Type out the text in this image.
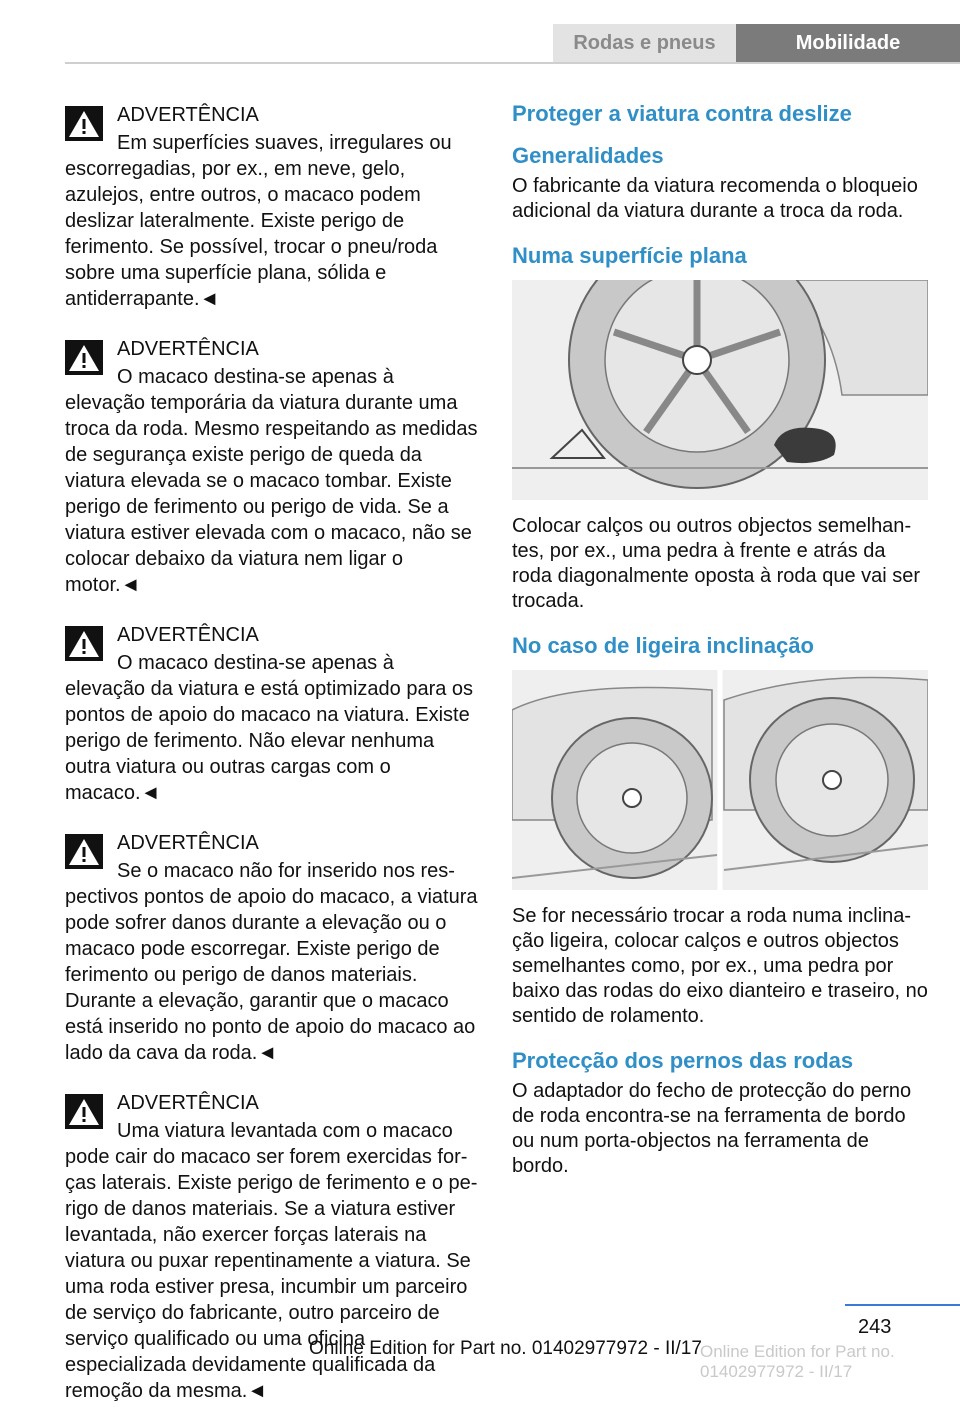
Rodas e pneus	Mobilidade
ADVERTÊNCIA

Em superfícies suaves, irregulares ou escorregadias, por ex., em neve, gelo, azulejos, entre outros, o macaco podem deslizar lateralmente. Existe perigo de ferimento. Se possível, trocar o pneu/roda sobre uma superfície plana, sólida e antiderrapante.◄

ADVERTÊNCIA

O macaco destina-se apenas à elevação temporária da viatura durante uma troca da roda. Mesmo respeitando as medidas de segurança existe perigo de queda da viatura elevada se o macaco tombar. Existe perigo de ferimento ou perigo de vida. Se a viatura estiver elevada com o macaco, não se colocar debaixo da viatura nem ligar o motor.◄

ADVERTÊNCIA

O macaco destina-se apenas à elevação da viatura e está optimizado para os pontos de apoio do macaco na viatura. Existe perigo de ferimento. Não elevar nenhuma outra viatura ou outras cargas com o macaco.◄

ADVERTÊNCIA

Se o macaco não for inserido nos respectivos pontos de apoio do macaco, a viatura pode sofrer danos durante a elevação ou o macaco pode escorregar. Existe perigo de ferimento ou perigo de danos materiais. Durante a elevação, garantir que o macaco está inserido no ponto de apoio do macaco ao lado da cava da roda.◄

ADVERTÊNCIA

Uma viatura levantada com o macaco pode cair do macaco ser forem exercidas forças laterais. Existe perigo de ferimento e o perigo de danos materiais. Se a viatura estiver levantada, não exercer forças laterais na viatura ou puxar repentinamente a viatura. Se uma roda estiver presa, incumbir um parceiro de serviço do fabricante, outro parceiro de serviço qualificado ou uma oficina especializada devidamente qualificada da remoção da mesma.◄

Proteger a viatura contra deslize
Generalidades

O fabricante da viatura recomenda o bloqueio adicional da viatura durante a troca da roda.

Numa superfície plana

Colocar calços ou outros objectos semelhantes, por ex., uma pedra à frente e atrás da roda diagonalmente oposta à roda que vai ser trocada.

No caso de ligeira inclinação

Se for necessário trocar a roda numa inclinação ligeira, colocar calços e outros objectos semelhantes como, por ex., uma pedra por baixo das rodas do eixo dianteiro e traseiro, no sentido de rolamento.

Protecção dos pernos das rodas

O adaptador do fecho de protecção do perno de roda encontra-se na ferramenta de bordo ou num porta-objectos na ferramenta de bordo.

243
Online Edition for Part no. 01402977972 - II/17
Online Edition for Part no. 01402977972 - II/17
